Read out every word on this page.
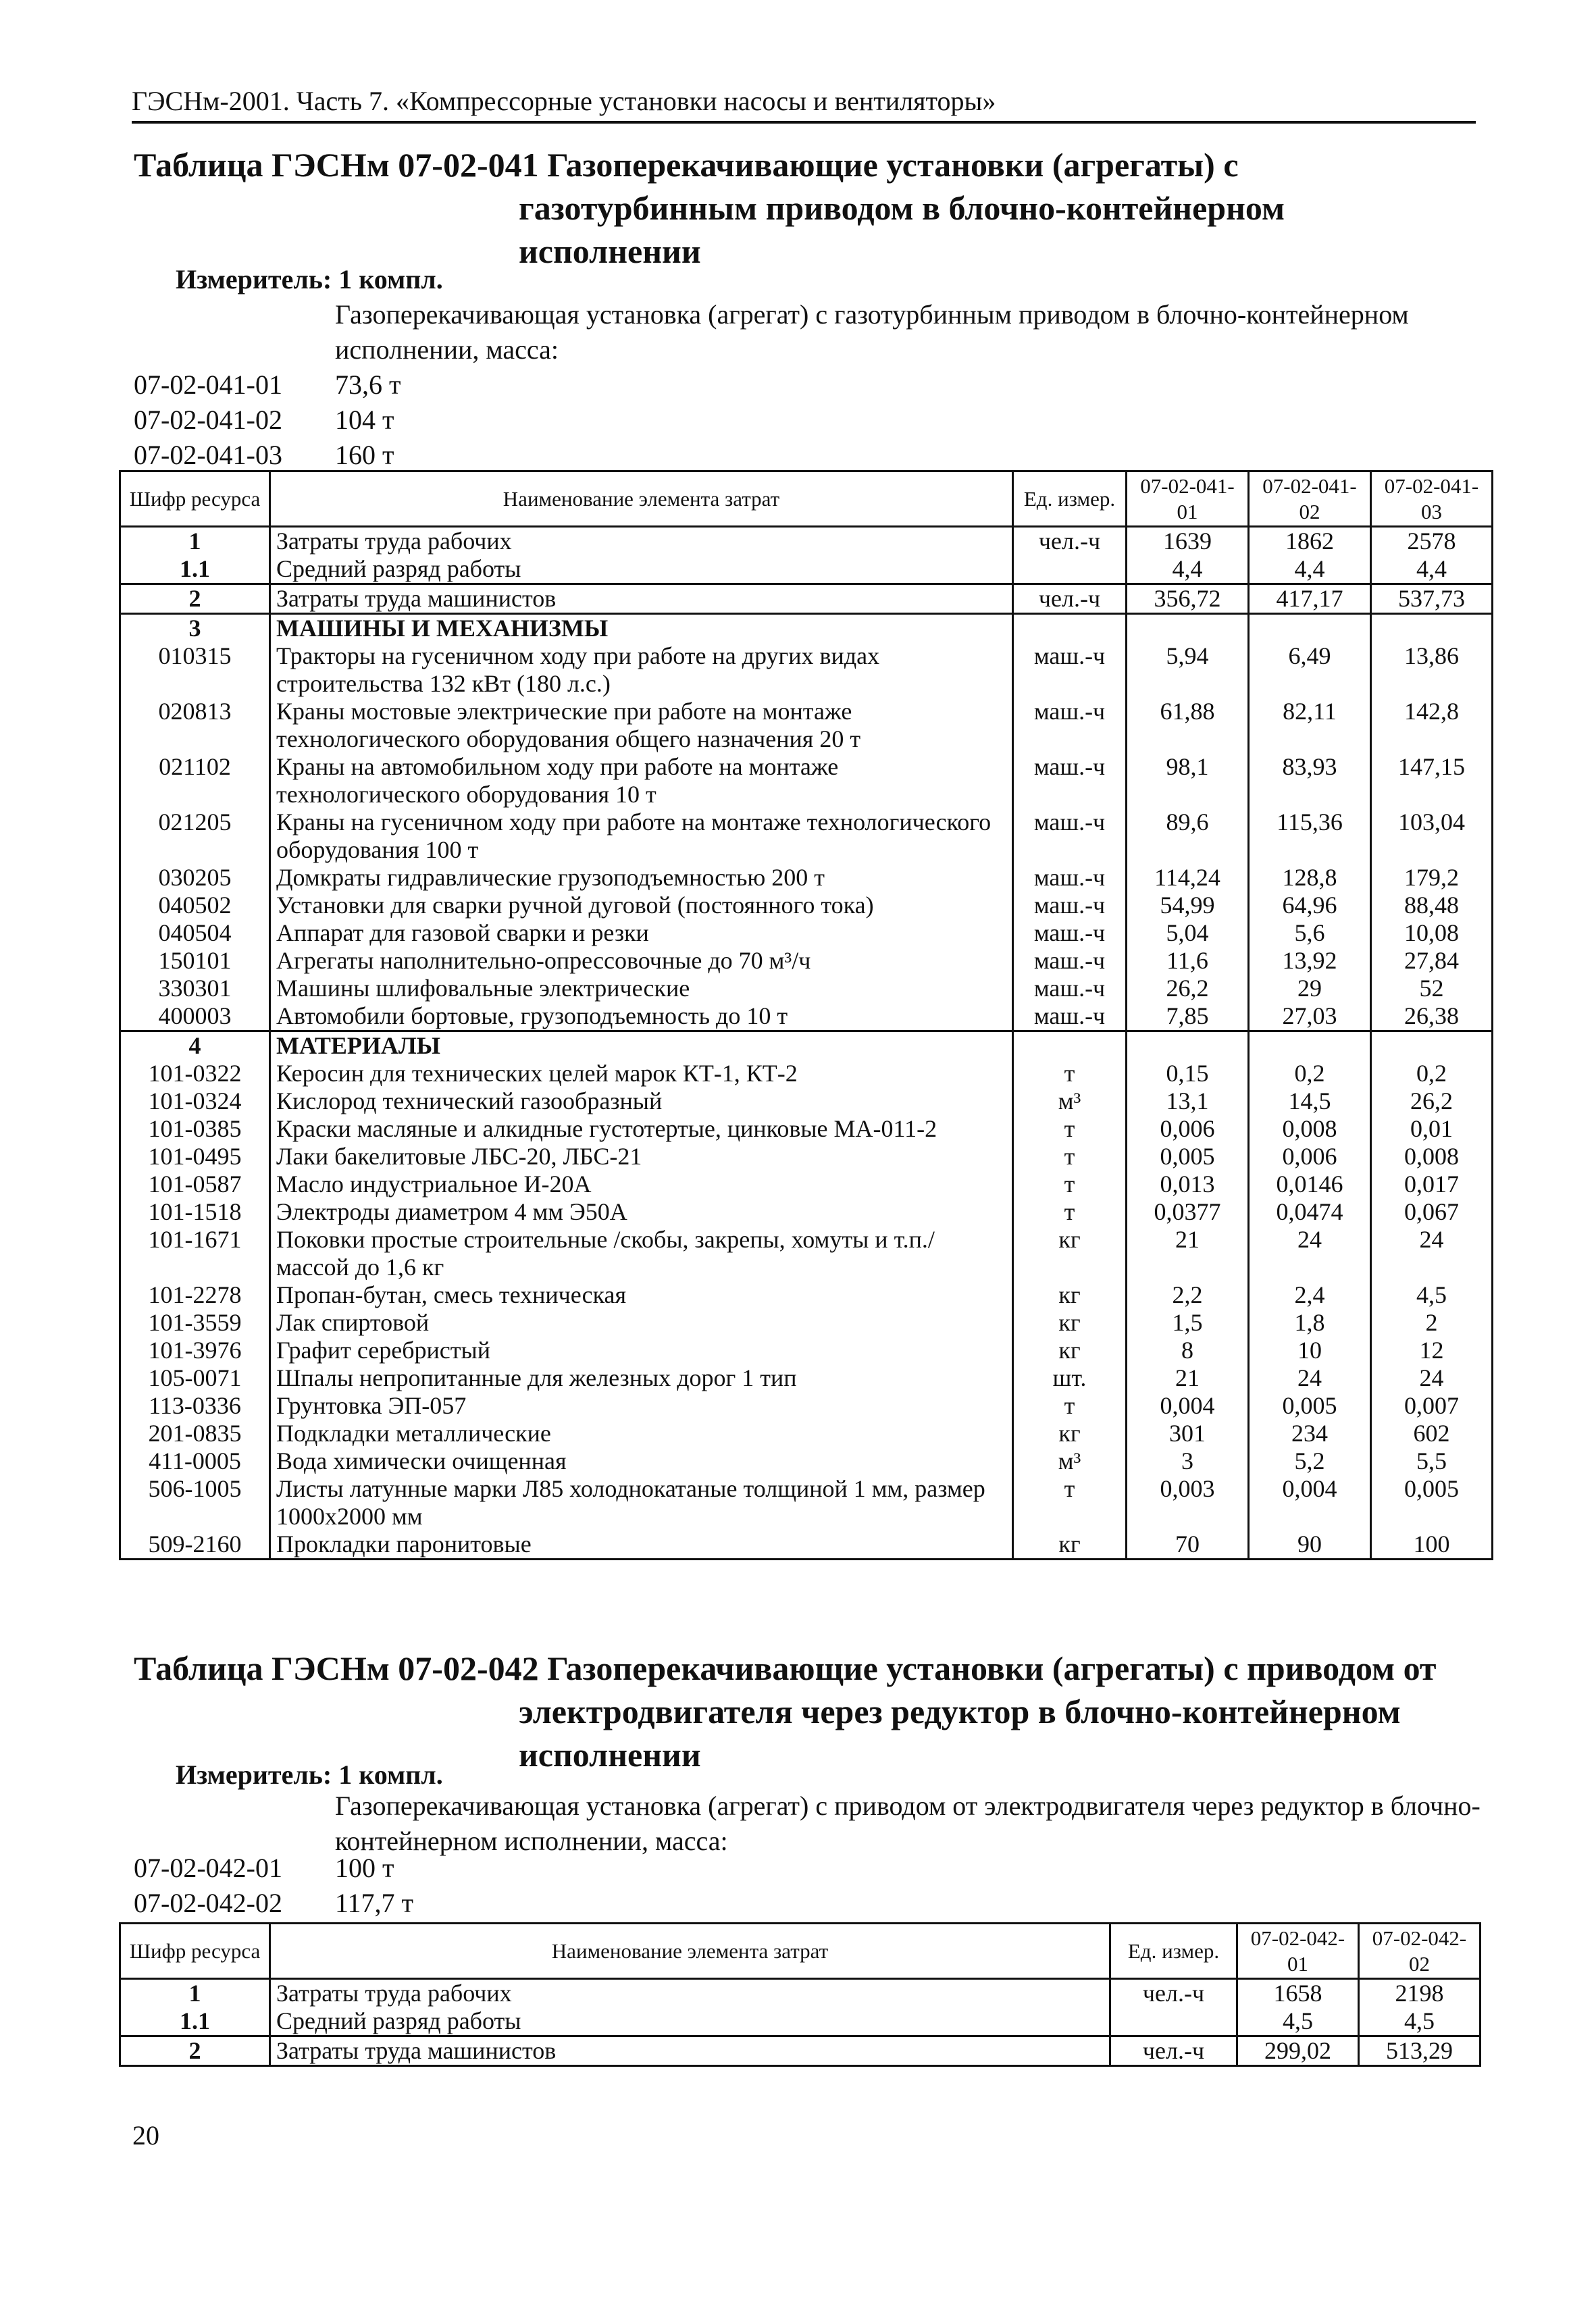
ГЭСНм-2001. Часть 7. «Компрессорные установки насосы и вентиляторы»
Таблица ГЭСНм 07-02-041 Газоперекачивающие установки (агрегаты) с
газотурбинным приводом в блочно-контейнерном
исполнении
Измеритель: 1 компл.
Газоперекачивающая установка (агрегат) с газотурбинным приводом в блочно-контейнерном исполнении, масса:
07-02-041-01	73,6 т
07-02-041-02	104 т
07-02-041-03	160 т
Шифр ресурса	Наименование элемента затрат	Ед. измер.	07-02-041-01	07-02-041-02	07-02-041-03
1	Затраты труда рабочих	чел.-ч	1639	1862	2578
1.1	Средний разряд работы		4,4	4,4	4,4
2	Затраты труда машинистов	чел.-ч	356,72	417,17	537,73
3	МАШИНЫ И МЕХАНИЗМЫ				
010315	Тракторы на гусеничном ходу при работе на других видах строительства 132 кВт (180 л.с.)	маш.-ч	5,94	6,49	13,86
020813	Краны мостовые электрические при работе на монтаже технологического оборудования общего назначения 20 т	маш.-ч	61,88	82,11	142,8
021102	Краны на автомобильном ходу при работе на монтаже технологического оборудования 10 т	маш.-ч	98,1	83,93	147,15
021205	Краны на гусеничном ходу при работе на монтаже технологического оборудования 100 т	маш.-ч	89,6	115,36	103,04
030205	Домкраты гидравлические грузоподъемностью 200 т	маш.-ч	114,24	128,8	179,2
040502	Установки для сварки ручной дуговой (постоянного тока)	маш.-ч	54,99	64,96	88,48
040504	Аппарат для газовой сварки и резки	маш.-ч	5,04	5,6	10,08
150101	Агрегаты наполнительно-опрессовочные до 70 м³/ч	маш.-ч	11,6	13,92	27,84
330301	Машины шлифовальные электрические	маш.-ч	26,2	29	52
400003	Автомобили бортовые, грузоподъемность до 10 т	маш.-ч	7,85	27,03	26,38
4	МАТЕРИАЛЫ				
101-0322	Керосин для технических целей марок КТ-1, КТ-2	т	0,15	0,2	0,2
101-0324	Кислород технический газообразный	м³	13,1	14,5	26,2
101-0385	Краски масляные и алкидные густотертые, цинковые МА-011-2	т	0,006	0,008	0,01
101-0495	Лаки бакелитовые ЛБС-20, ЛБС-21	т	0,005	0,006	0,008
101-0587	Масло индустриальное И-20А	т	0,013	0,0146	0,017
101-1518	Электроды диаметром 4 мм Э50А	т	0,0377	0,0474	0,067
101-1671	Поковки простые строительные /скобы, закрепы, хомуты и т.п./ массой до 1,6 кг	кг	21	24	24
101-2278	Пропан-бутан, смесь техническая	кг	2,2	2,4	4,5
101-3559	Лак спиртовой	кг	1,5	1,8	2
101-3976	Графит серебристый	кг	8	10	12
105-0071	Шпалы непропитанные для железных дорог 1 тип	шт.	21	24	24
113-0336	Грунтовка ЭП-057	т	0,004	0,005	0,007
201-0835	Подкладки металлические	кг	301	234	602
411-0005	Вода химически очищенная	м³	3	5,2	5,5
506-1005	Листы латунные марки Л85 холоднокатаные толщиной 1 мм, размер 1000х2000 мм	т	0,003	0,004	0,005
509-2160	Прокладки паронитовые	кг	70	90	100
Таблица ГЭСНм 07-02-042 Газоперекачивающие установки (агрегаты) с приводом от
электродвигателя через редуктор в блочно-контейнерном
исполнении
Измеритель: 1 компл.
Газоперекачивающая установка (агрегат) с приводом от электродвигателя через редуктор в блочно-контейнерном исполнении, масса:
07-02-042-01	100 т
07-02-042-02	117,7 т
Шифр ресурса	Наименование элемента затрат	Ед. измер.	07-02-042-01	07-02-042-02
1	Затраты труда рабочих	чел.-ч	1658	2198
1.1	Средний разряд работы		4,5	4,5
2	Затраты труда машинистов	чел.-ч	299,02	513,29
20
